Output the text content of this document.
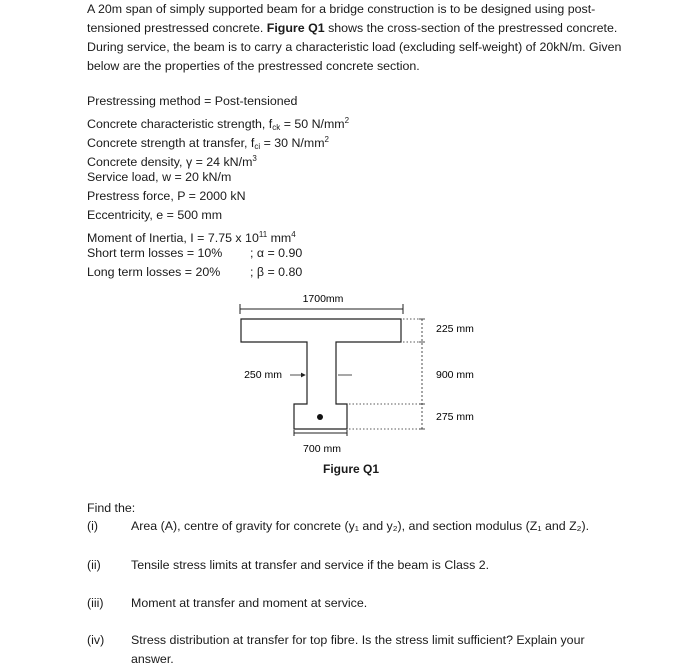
A 20m span of simply supported beam for a bridge construction is to be designed using post-tensioned prestressed concrete. Figure Q1 shows the cross-section of the prestressed concrete. During service, the beam is to carry a characteristic load (excluding self-weight) of 20kN/m. Given below are the properties of the prestressed concrete section.

Prestressing method = Post-tensioned
Concrete characteristic strength, $f_{ck} = 50$ $N/mm^2$
Concrete strength at transfer, $f_{ci} = 30$ $N/mm^2$
Concrete density, γ = 24 $kN/m^3$
Service load, w = 20 kN/m
Prestress force, P = 2000 kN
Eccentricity, e = 500 mm
Moment of Inertia, I = 7.75 x $10^{11}$ $mm^4$
Short term losses = 10% ; α = 0.90
Long term losses = 20% ; β = 0.80
1700mm
250 mm
225 mm
900 mm
275 mm
700 mm
Figure Q1
Find the:
(i)	Area (A), centre of gravity for concrete (y₁ and y₂), and section modulus (Z₁ and Z₂).
(ii) Tensile stress limits at transfer and service if the beam is Class 2.
(iii) Moment at transfer and moment at service.
(iv) Stress distribution at transfer for top fibre. Is the stress limit sufficient? Explain your answer.
